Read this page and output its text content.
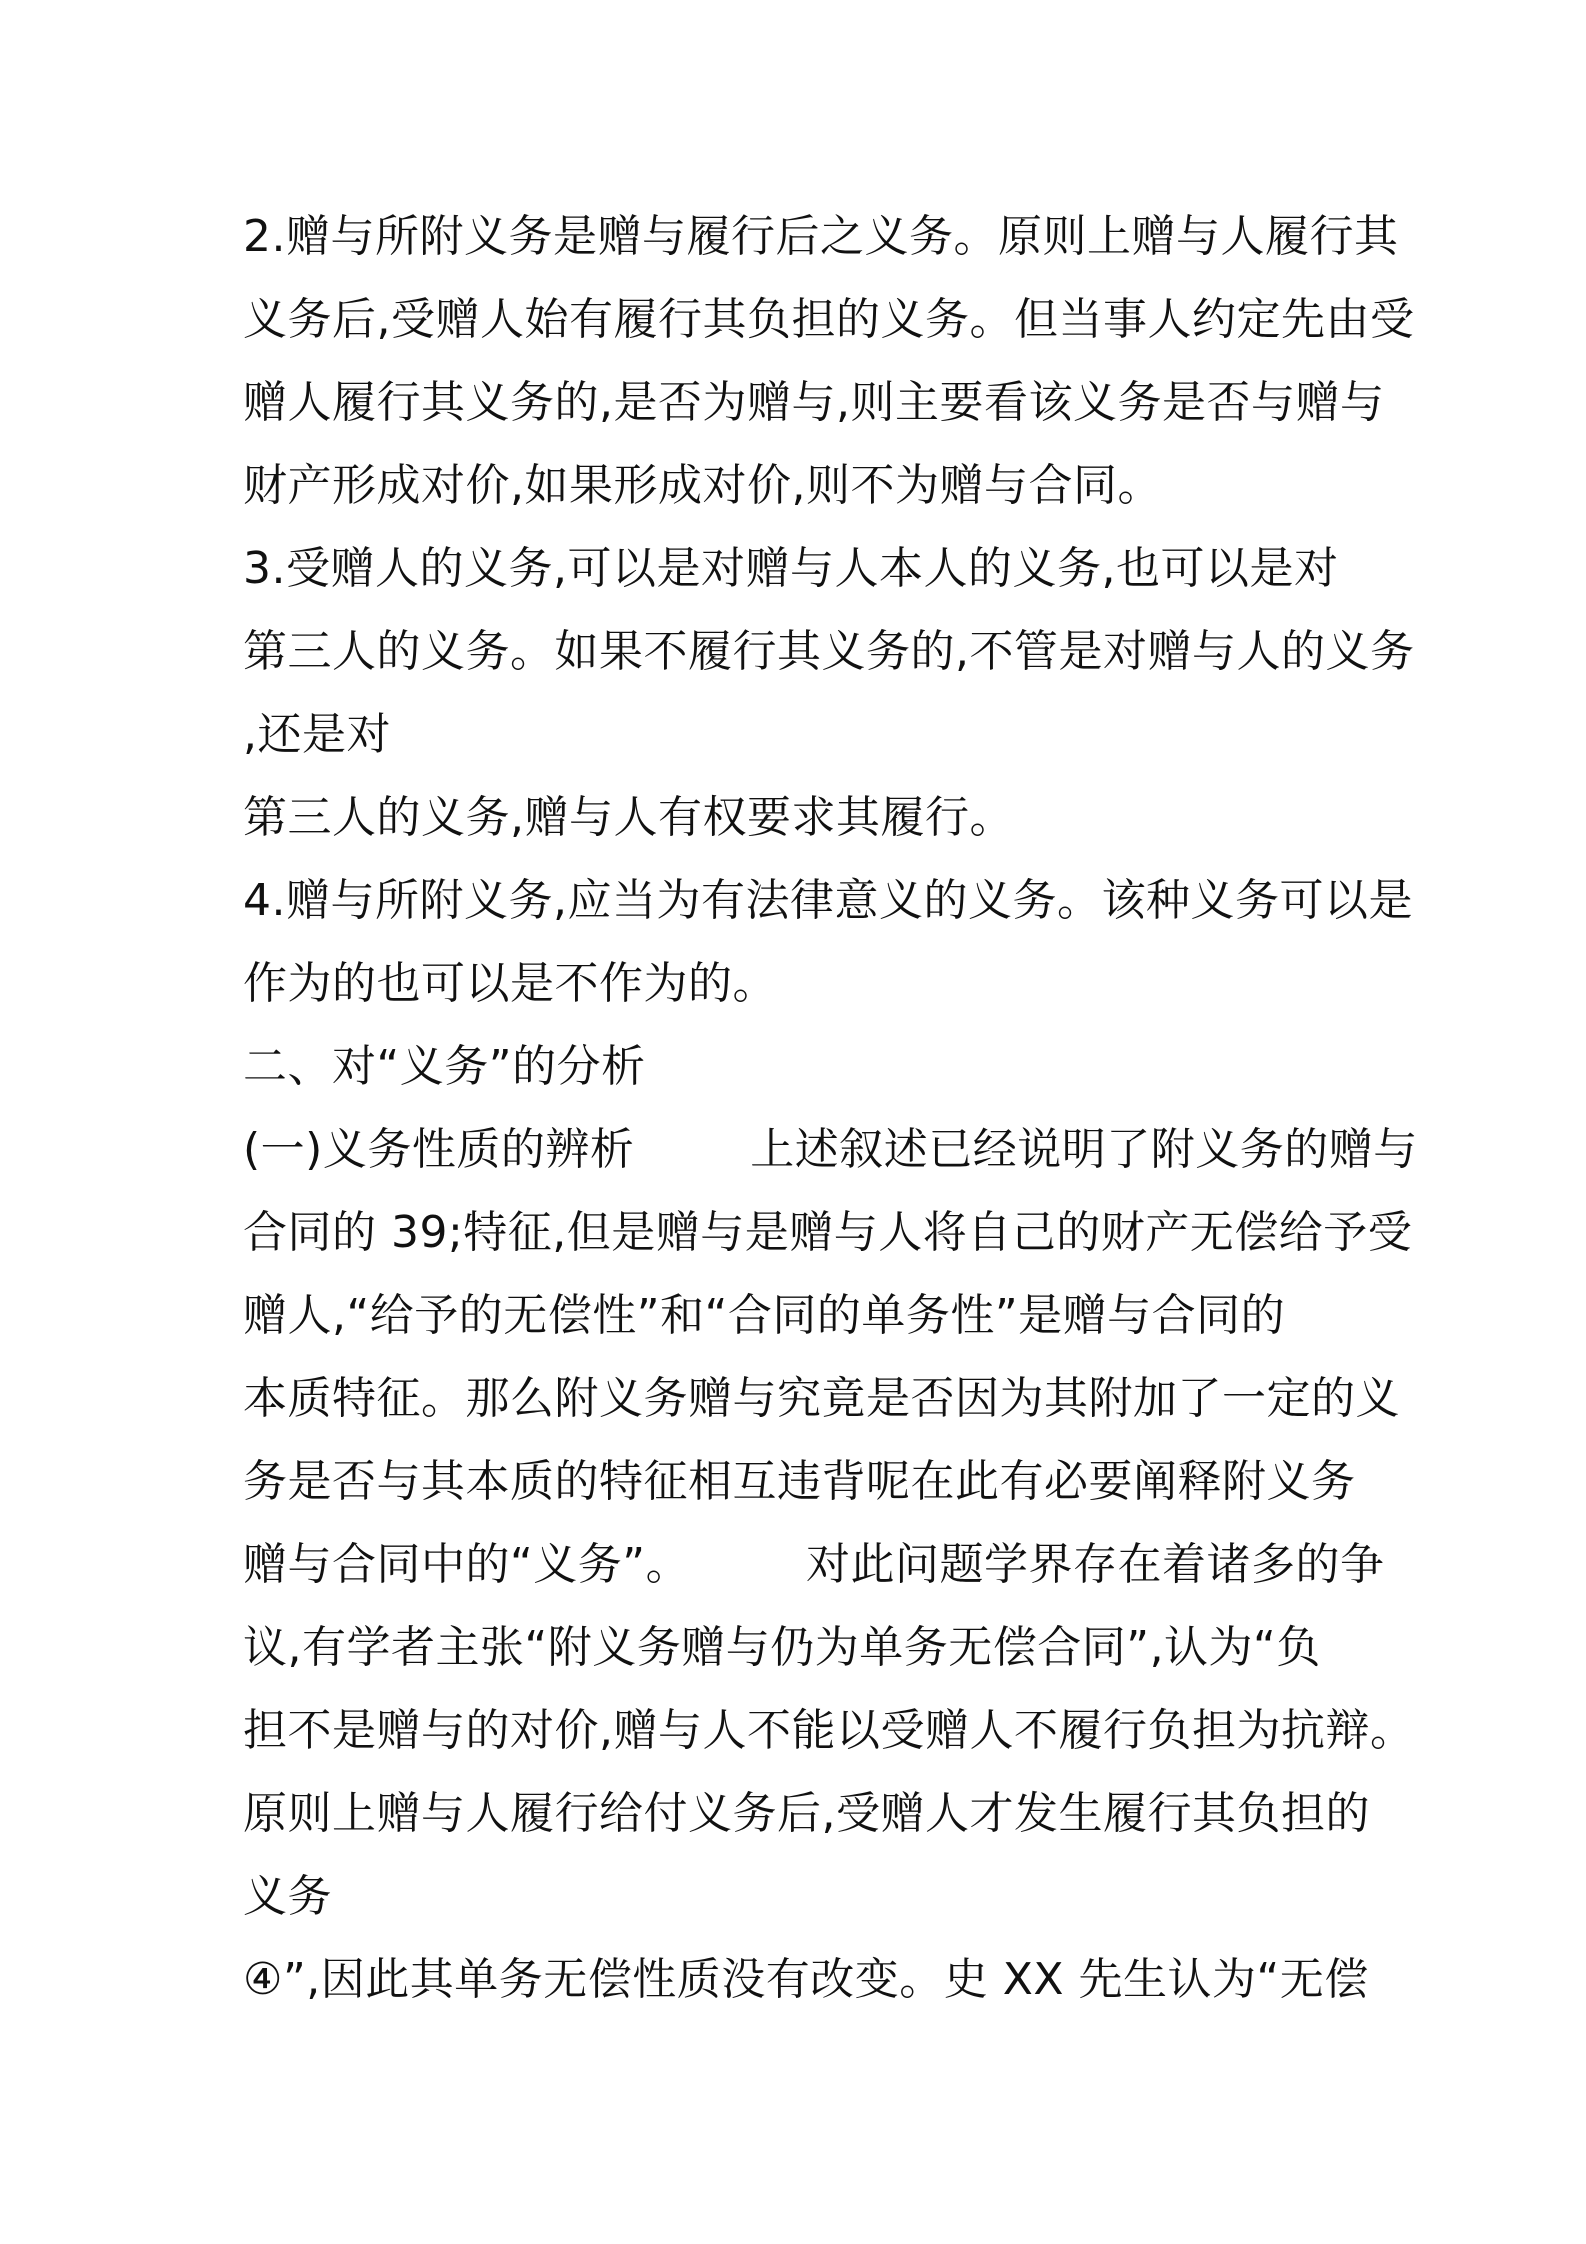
2.赠与所附义务是赠与履行后之义务。原则上赠与人履行其
义务后,受赠人始有履行其负担的义务。但当事人约定先由受
赠人履行其义务的,是否为赠与,则主要看该义务是否与赠与
财产形成对价,如果形成对价,则不为赠与合同。
3.受赠人的义务,可以是对赠与人本人的义务,也可以是对
第三人的义务。如果不履行其义务的,不管是对赠与人的义务
,还是对
第三人的义务,赠与人有权要求其履行。
4.赠与所附义务,应当为有法律意义的义务。该种义务可以是
作为的也可以是不作为的。
二、对“义务”的分析
(一)义务性质的辨析        上述叙述已经说明了附义务的赠与
合同的 39;特征,但是赠与是赠与人将自己的财产无偿给予受
赠人,“给予的无偿性”和“合同的单务性”是赠与合同的
本质特征。那么附义务赠与究竟是否因为其附加了一定的义
务是否与其本质的特征相互违背呢在此有必要阐释附义务
赠与合同中的“义务”。        对此问题学界存在着诸多的争
议,有学者主张“附义务赠与仍为单务无偿合同”,认为“负
担不是赠与的对价,赠与人不能以受赠人不履行负担为抗辩。
原则上赠与人履行给付义务后,受赠人才发生履行其负担的
义务
④”,因此其单务无偿性质没有改变。史 XX 先生认为“无偿
